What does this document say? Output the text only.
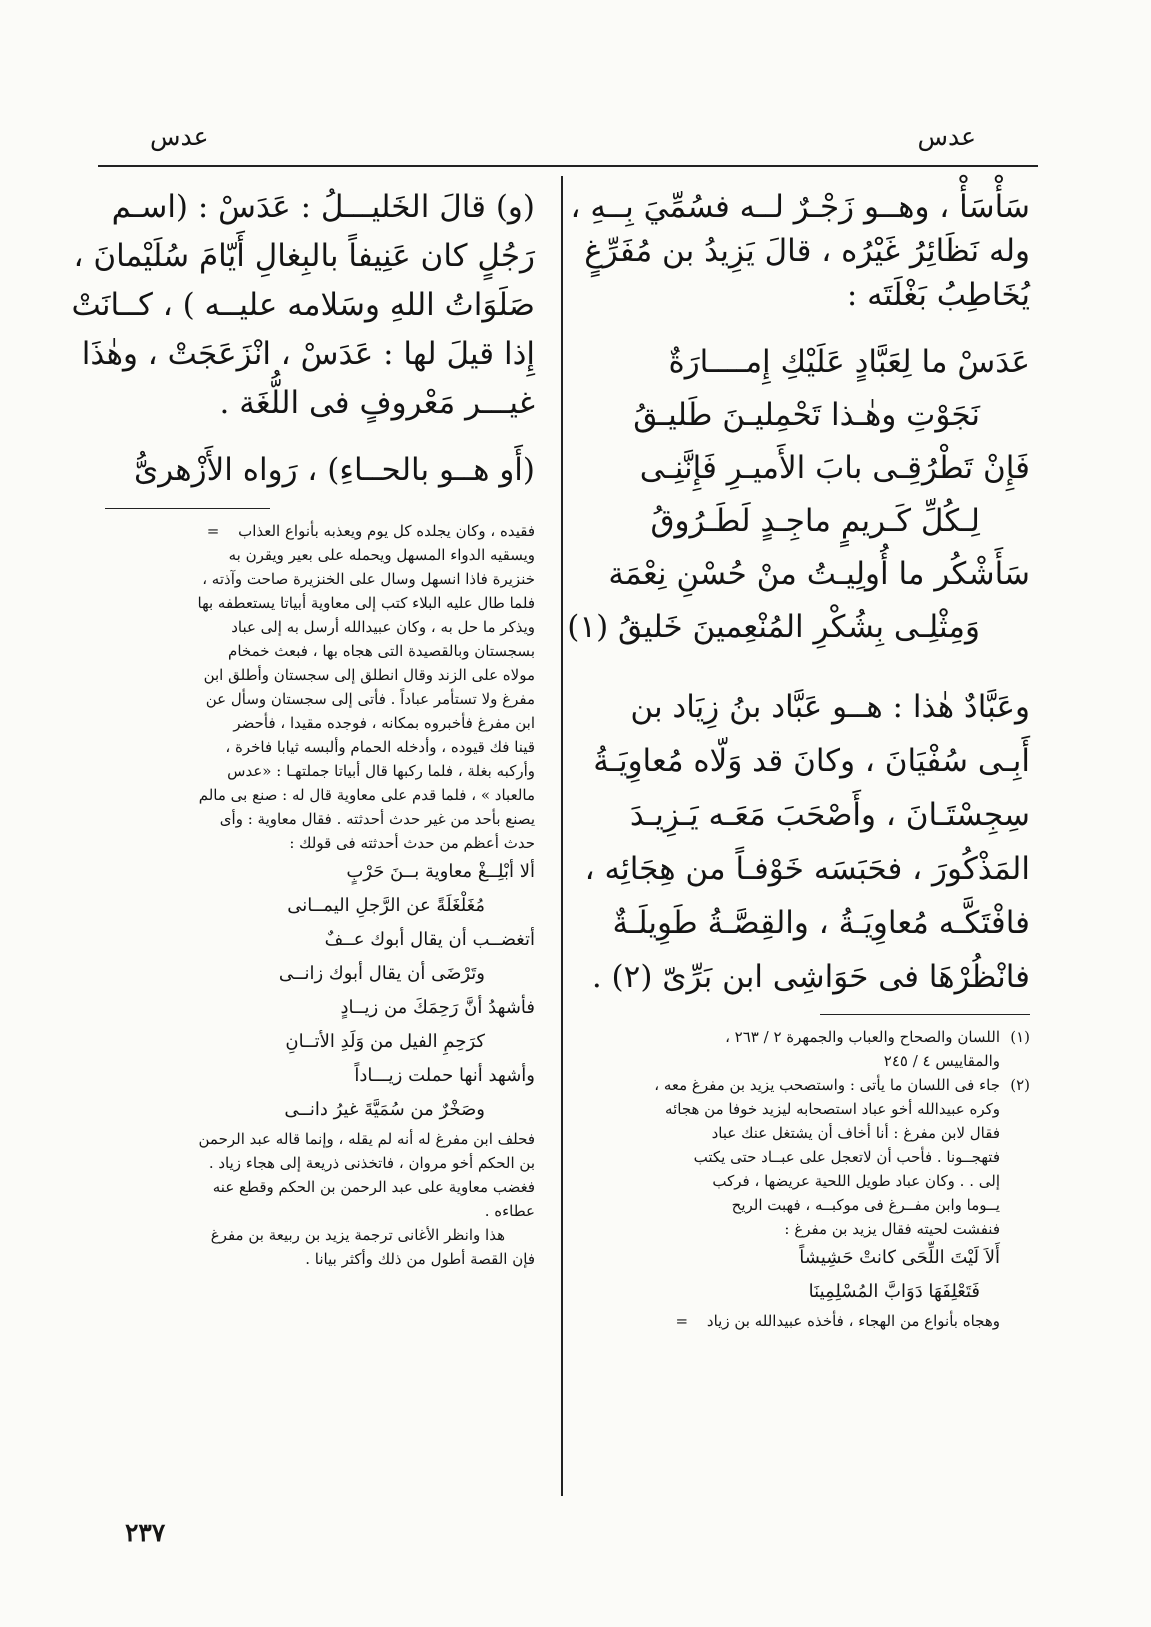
عدس
عدس
سَأْسَأْ ، وهــو زَجْـرٌ لــه فسُمِّيَ بِــهِ ،
وله نَظَائِرُ غَيْرُه ، قالَ يَزِيدُ بن مُفَرِّغٍ
يُخَاطِبُ بَغْلَتَه :
عَدَسْ ما لِعَبَّادٍ عَلَيْكِ إِمــــارَةٌ
نَجَوْتِ وهٰـذا تَحْمِليـنَ طَليـقُ
فَإِنْ تَطْرُقِـى بابَ الأَميـرِ فَإِنَّنِـى
لِـكُلِّ كَـريمٍ ماجِـدٍ لَطَـرُوقُ
سَأَشْكُر ما أُولِيـتُ منْ حُسْنِ نِعْمَة
وَمِثْلِـى بِشُكْرِ المُنْعِمينَ خَليقُ (١)
وعَبَّادٌ هٰذا : هــو عَبَّاد بنُ زِيَاد بن
أَبِـى سُفْيَانَ ، وكانَ قد وَلّاه مُعاوِيَـةُ
سِجِسْتَـانَ ، وأَصْحَبَ مَعَـه يَـزِيـدَ
المَذْكُورَ ، فحَبَسَه خَوْفـاً من هِجَائِه ،
فافْتَكَّـه مُعاوِيَـةُ ، والقِصَّـةُ طَوِيلَـةٌ
فانْظُرْهَا فى حَوَاشِى ابن بَرِّىّ (٢) .
(١)اللسان والصحاح والعباب والجمهرة ٢ / ٢٦٣ ،
والمقاييس ٤ / ٢٤٥
(٢)جاء فى اللسان ما يأتى : واستصحب يزيد بن مفرغ معه ،
وكره عبيدالله أخو عباد استصحابه ليزيد خوفا من هجائه
فقال لابن مفرغ : أنا أخاف أن يشتغل عنك عباد
فتهجــونا . فأحب أن لاتعجل على عبــاد حتى يكتب
إلى . . وكان عباد طويل اللحية عريضها ، فركب
يــوما وابن مفــرغ فى موكبــه ، فهبت الريح
فنفشت لحيته فقال يزيد بن مفرغ :
أَلاَ لَيْتَ اللِّحَى كانتْ حَشِيشاً
فَتَعْلِفَهَا دَوَابَّ المُسْلِمِينَا
وهجاه بأنواع من الهجاء ، فأخذه عبيدالله بن زياد =
(و) قالَ الخَليـــلُ : عَدَسْ : (اسـم
رَجُلٍ كان عَنِيفاً بالبِغالِ أَيّامَ سُلَيْمانَ ،
صَلَوَاتُ اللهِ وسَلامه عليــه ) ، كــانَتْ
إِذا قيلَ لها : عَدَسْ ، انْزَعَجَتْ ، وهٰذَا
غيـــر مَعْروفٍ فى اللُّغَة .
(أَو هــو بالحــاءِ) ، رَواه الأَزْهرىُّ
فقيده ، وكان يجلده كل يوم ويعذبه بأنواع العذاب =
ويسقيه الدواء المسهل ويحمله على بعير ويقرن به
خنزيرة فاذا انسهل وسال على الخنزيرة صاحت وآذته ،
فلما طال عليه البلاء كتب إلى معاوية أبياتا يستعطفه بها
ويذكر ما حل به ، وكان عبيدالله أرسل به إلى عباد
بسجستان وبالقصيدة التى هجاه بها ، فبعث خمخام
مولاه على الزند وقال انطلق إلى سجستان وأطلق ابن
مفرغ ولا تستأمر عباداً . فأتى إلى سجستان وسأل عن
ابن مفرغ فأخبروه بمكانه ، فوجده مقيدا ، فأحضر
قينا فك قيوده ، وأدخله الحمام وألبسه ثيابا فاخرة ،
وأركبه بغلة ، فلما ركبها قال أبياتا جملتهـا : «عدس
مالعباد » ، فلما قدم على معاوية قال له : صنع بى مالم
يصنع بأحد من غير حدث أحدثته . فقال معاوية : وأى
حدث أعظم من حدث أحدثته فى قولك :
ألا أبْلِــغْ معاوية بــنَ حَرْبٍ
مُغَلْغَلَةً عن الرَّجلِ اليمــانى
أتغضــب أن يقال أبوك عــفٌ
وتَرْضَى أن يقال أبوك زانــى
فأشهدُ أنَّ رَحِمَكَ من زيــادٍ
كرَحِمِ الفيل من وَلَدِ الأتــانِ
وأشهد أنها حملت زيـــاداً
وصَخْرٌ من سُمَيَّةَ غيرُ دانــى
فحلف ابن مفرغ له أنه لم يقله ، وإنما قاله عبد الرحمن
بن الحكم أخو مروان ، فاتخذنى ذريعة إلى هجاء زياد .
فغضب معاوية على عبد الرحمن بن الحكم وقطع عنه
عطاءه .
هذا وانظر الأغانى ترجمة يزيد بن ربيعة بن مفرغ
فإن القصة أطول من ذلك وأكثر بيانا .
٢٣٧
